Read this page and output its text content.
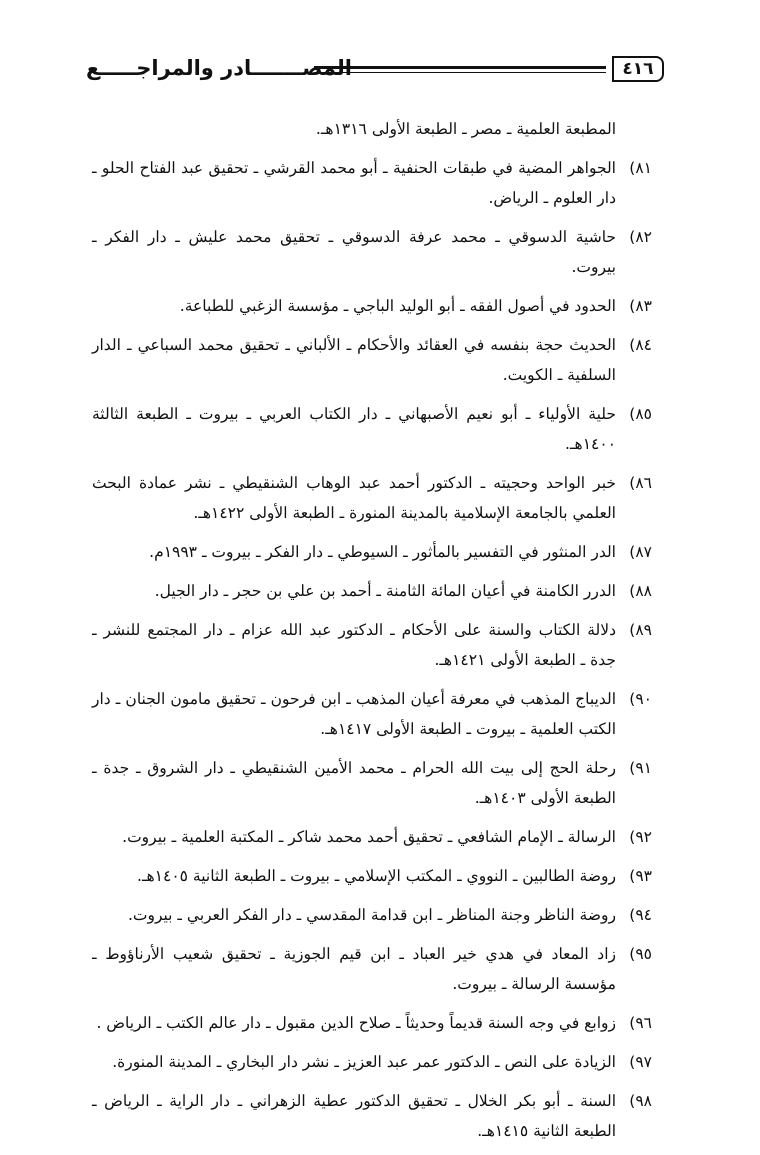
المصـــــــادر والمراجـــــع	٤١٦
المطبعة العلمية ـ مصر ـ الطبعة الأولى ١٣١٦هـ.
٨١)
الجواهر المضية في طبقات الحنفية ـ أبو محمد القرشي ـ تحقيق عبد الفتاح الحلو ـ دار العلوم ـ الرياض.
٨٢)
حاشية الدسوقي ـ محمد عرفة الدسوقي ـ تحقيق محمد عليش ـ دار الفكر ـ بيروت.
٨٣)
الحدود في أصول الفقه ـ أبو الوليد الباجي ـ مؤسسة الزغبي للطباعة.
٨٤)
الحديث حجة بنفسه في العقائد والأحكام ـ الألباني ـ تحقيق محمد السباعي ـ الدار السلفية ـ الكويت.
٨٥)
حلية الأولياء ـ أبو نعيم الأصبهاني ـ دار الكتاب العربي ـ بيروت ـ الطبعة الثالثة ١٤٠٠هـ.
٨٦)
خبر الواحد وحجيته ـ الدكتور أحمد عبد الوهاب الشنقيطي ـ نشر عمادة البحث العلمي بالجامعة الإسلامية بالمدينة المنورة ـ الطبعة الأولى ١٤٢٢هـ.
٨٧)
الدر المنثور في التفسير بالمأثور ـ السيوطي ـ دار الفكر ـ بيروت ـ ١٩٩٣م.
٨٨)
الدرر الكامنة في أعيان المائة الثامنة ـ أحمد بن علي بن حجر ـ دار الجيل.
٨٩)
دلالة الكتاب والسنة على الأحكام ـ الدكتور عبد الله عزام ـ دار المجتمع للنشر ـ جدة ـ الطبعة الأولى ١٤٢١هـ.
٩٠)
الديباج المذهب في معرفة أعيان المذهب ـ ابن فرحون ـ تحقيق مامون الجنان ـ دار الكتب العلمية ـ بيروت ـ الطبعة الأولى ١٤١٧هـ.
٩١)
رحلة الحج إلى بيت الله الحرام ـ محمد الأمين الشنقيطي ـ دار الشروق ـ جدة ـ الطبعة الأولى ١٤٠٣هـ.
٩٢)
الرسالة ـ الإمام الشافعي ـ تحقيق أحمد محمد شاكر ـ المكتبة العلمية ـ بيروت.
٩٣)
روضة الطالبين ـ النووي ـ المكتب الإسلامي ـ بيروت ـ الطبعة الثانية ١٤٠٥هـ.
٩٤)
روضة الناظر وجنة المناظر ـ ابن قدامة المقدسي ـ دار الفكر العربي ـ بيروت.
٩٥)
زاد المعاد في هدي خير العباد ـ ابن قيم الجوزية ـ تحقيق شعيب الأرناؤوط ـ مؤسسة الرسالة ـ بيروت.
٩٦)
زوابع في وجه السنة قديماً وحديثاً ـ صلاح الدين مقبول ـ دار عالم الكتب ـ الرياض .
٩٧)
الزيادة على النص ـ الدكتور عمر عبد العزيز ـ نشر دار البخاري ـ المدينة المنورة.
٩٨)
السنة ـ أبو بكر الخلال ـ تحقيق الدكتور عطية الزهراني ـ دار الراية ـ الرياض ـ الطبعة الثانية ١٤١٥هـ.
